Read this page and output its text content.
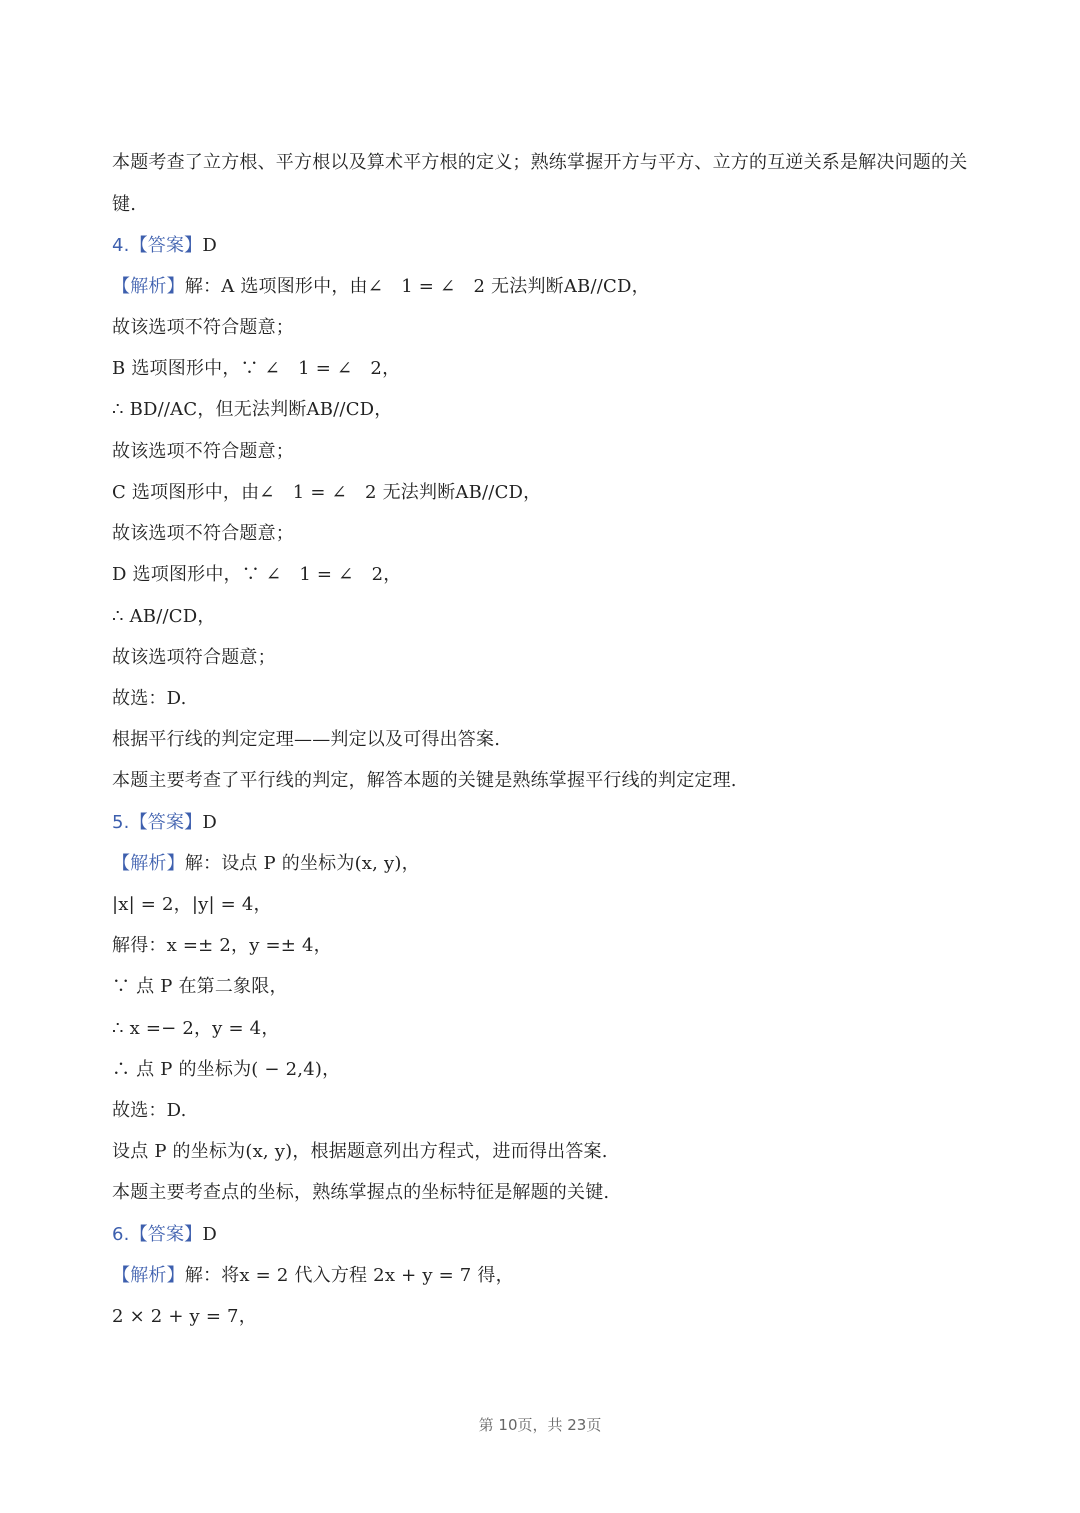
本题考查了立方根、平方根以及算术平方根的定义；熟练掌握开方与平方、立方的互逆关系是解决问题的关

键.

4.【答案】D

【解析】解：A 选项图形中，由∠　1 = ∠　2 无法判断AB//CD，

故该选项不符合题意；

B 选项图形中，∵ ∠　1 = ∠　2，

∴ BD//AC，但无法判断AB//CD，

故该选项不符合题意；

C 选项图形中，由∠　1 = ∠　2 无法判断AB//CD，

故该选项不符合题意；

D 选项图形中，∵ ∠　1 = ∠　2，

∴ AB//CD，

故该选项符合题意；

故选：D.

根据平行线的判定定理——判定以及可得出答案.

本题主要考查了平行线的判定，解答本题的关键是熟练掌握平行线的判定定理.

5.【答案】D

【解析】解：设点 P 的坐标为(x, y)，

|x| = 2，|y| = 4，

解得：x =± 2，y =± 4，

∵ 点 P 在第二象限，

∴ x =− 2，y = 4，

∴ 点 P 的坐标为( − 2,4)，

故选：D.

设点 P 的坐标为(x, y)，根据题意列出方程式，进而得出答案.

本题主要考查点的坐标，熟练掌握点的坐标特征是解题的关键.

6.【答案】D

【解析】解：将x = 2 代入方程 2x + y = 7 得，

2 × 2 + y = 7，

第 10页，共 23页
